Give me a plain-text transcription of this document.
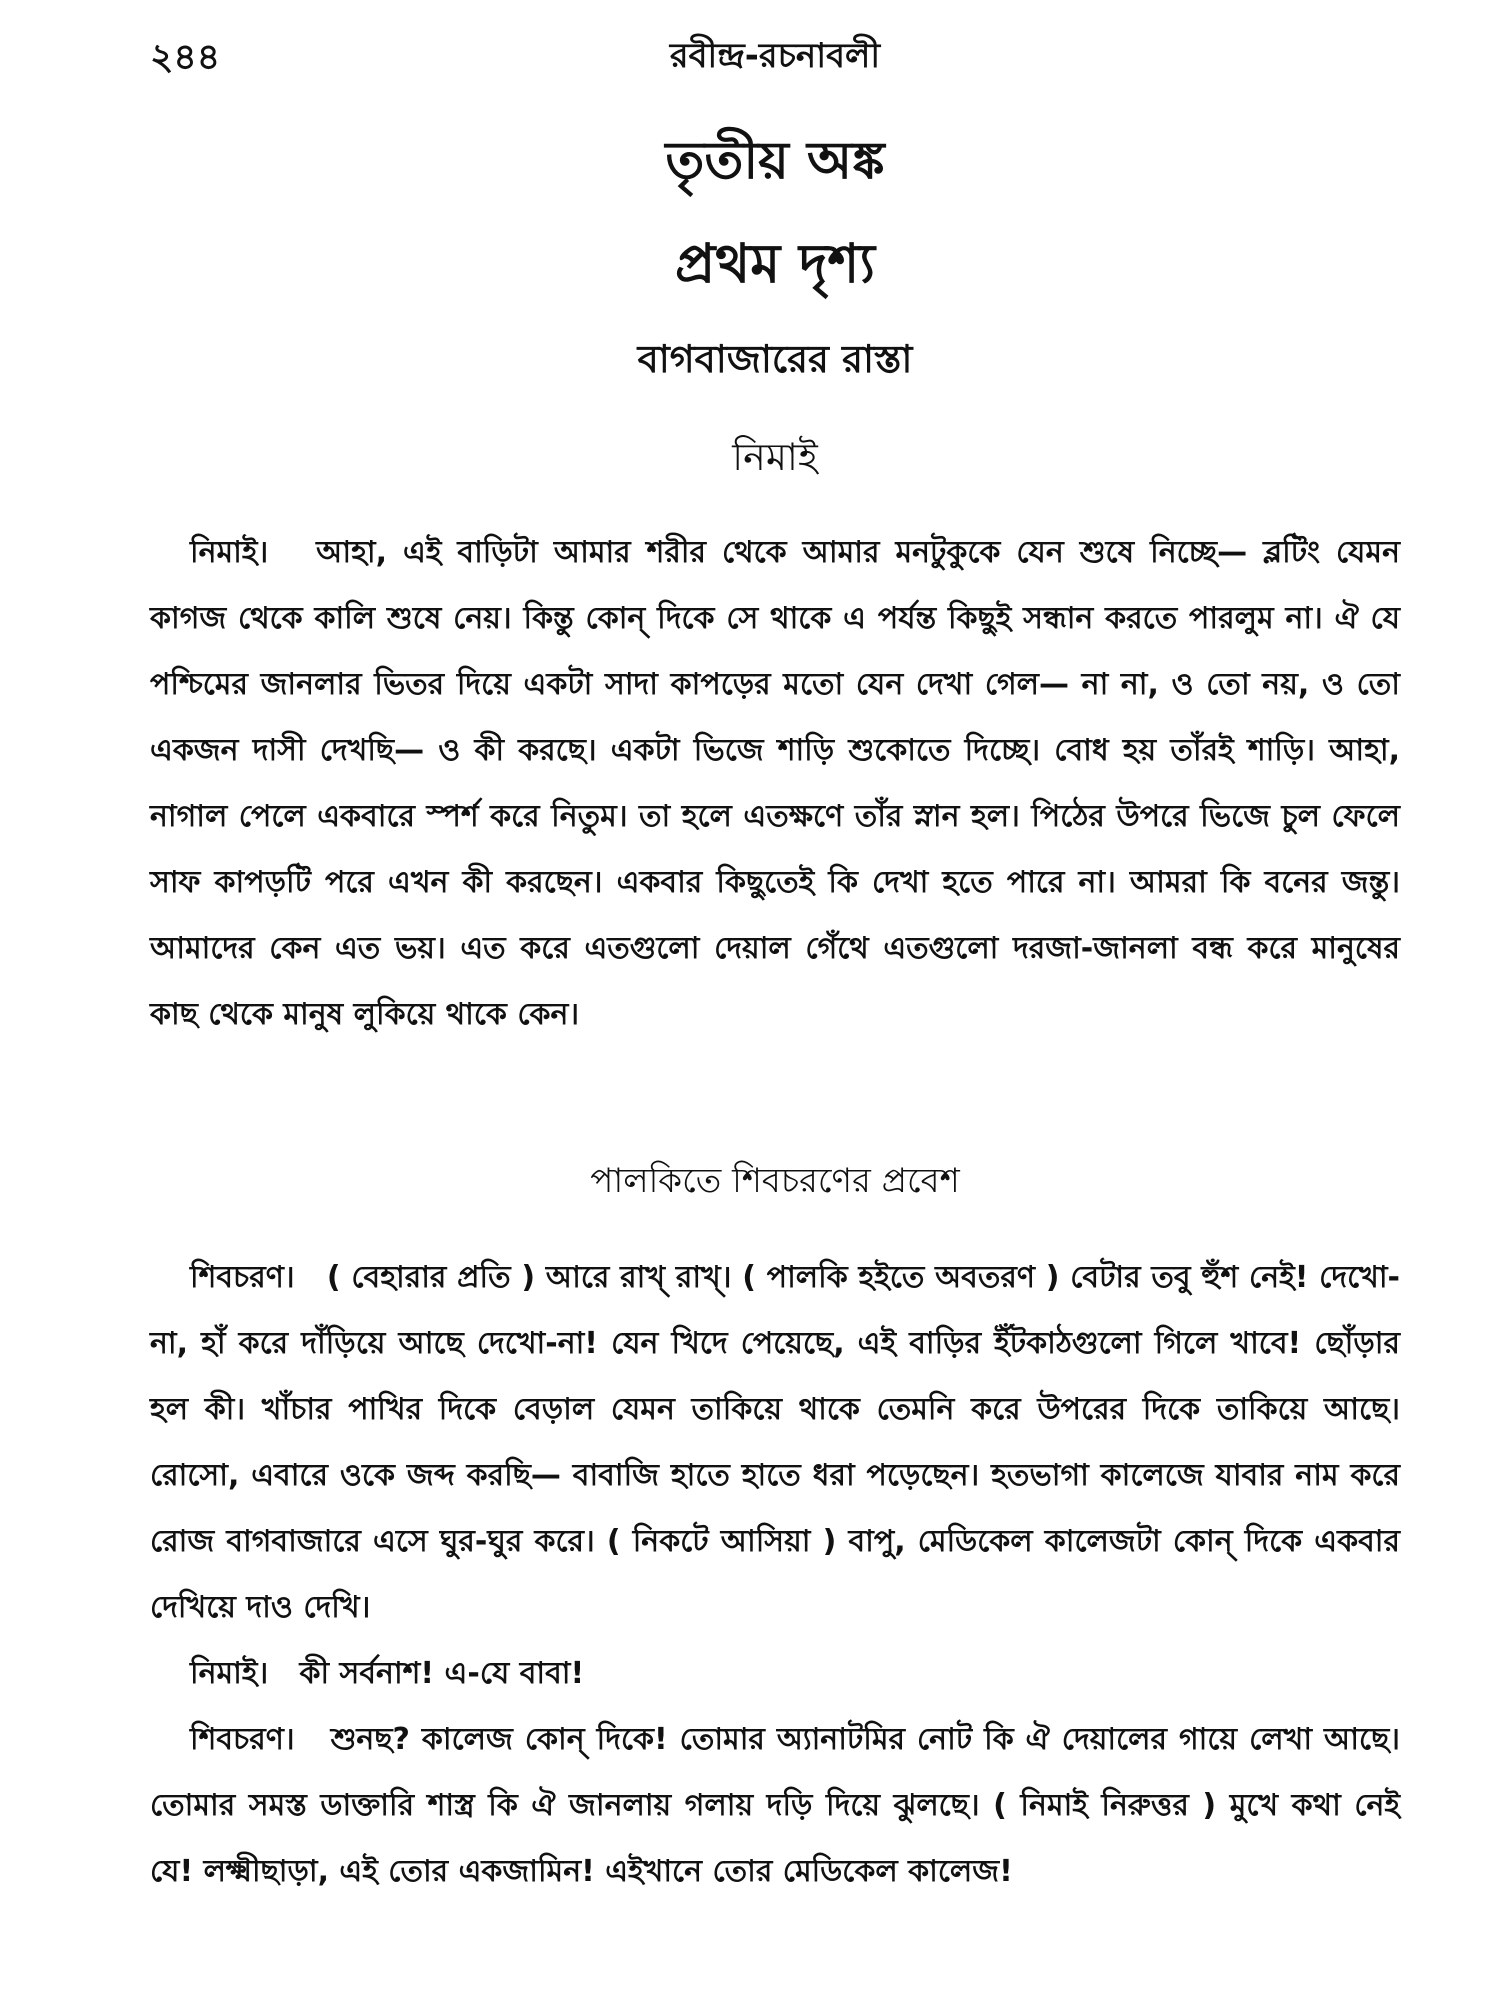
২৪৪	রবীন্দ্র-রচনাবলী
তৃতীয় অঙ্ক
প্রথম দৃশ্য
বাগবাজারের রাস্তা
নিমাই

নিমাই। আহা, এই বাড়িটা আমার শরীর থেকে আমার মনটুকুকে যেন শুষে নিচ্ছে— ব্লটিং যেমন কাগজ থেকে কালি শুষে নেয়। কিন্তু কোন্‌ দিকে সে থাকে এ পর্যন্ত কিছুই সন্ধান করতে পারলুম না। ঐ যে পশ্চিমের জানলার ভিতর দিয়ে একটা সাদা কাপড়ের মতো যেন দেখা গেল— না না, ও তো নয়, ও তো একজন দাসী দেখছি— ও কী করছে। একটা ভিজে শাড়ি শুকোতে দিচ্ছে। বোধ হয় তাঁরই শাড়ি। আহা, নাগাল পেলে একবারে স্পর্শ করে নিতুম। তা হলে এতক্ষণে তাঁর স্নান হল। পিঠের উপরে ভিজে চুল ফেলে সাফ কাপড়টি পরে এখন কী করছেন। একবার কিছুতেই কি দেখা হতে পারে না। আমরা কি বনের জন্তু। আমাদের কেন এত ভয়। এত করে এতগুলো দেয়াল গেঁথে এতগুলো দরজা-জানলা বন্ধ করে মানুষের কাছ থেকে মানুষ লুকিয়ে থাকে কেন।

পালকিতে শিবচরণের প্রবেশ

শিবচরণ। ( বেহারার প্রতি ) আরে রাখ্‌ রাখ্‌। ( পালকি হইতে অবতরণ ) বেটার তবু হুঁশ নেই! দেখো-না, হাঁ করে দাঁড়িয়ে আছে দেখো-না! যেন খিদে পেয়েছে, এই বাড়ির ইঁটকাঠগুলো গিলে খাবে! ছোঁড়ার হল কী। খাঁচার পাখির দিকে বেড়াল যেমন তাকিয়ে থাকে তেমনি করে উপরের দিকে তাকিয়ে আছে। রোসো, এবারে ওকে জব্দ করছি— বাবাজি হাতে হাতে ধরা পড়েছেন। হতভাগা কালেজে যাবার নাম করে রোজ বাগবাজারে এসে ঘুর-ঘুর করে। ( নিকটে আসিয়া ) বাপু, মেডিকেল কালেজটা কোন্‌ দিকে একবার দেখিয়ে দাও দেখি।

নিমাই। কী সর্বনাশ! এ-যে বাবা!

শিবচরণ। শুনছ? কালেজ কোন্‌ দিকে! তোমার অ্যানাটমির নোট কি ঐ দেয়ালের গায়ে লেখা আছে। তোমার সমস্ত ডাক্তারি শাস্ত্র কি ঐ জানলায় গলায় দড়ি দিয়ে ঝুলছে। ( নিমাই নিরুত্তর ) মুখে কথা নেই যে! লক্ষ্মীছাড়া, এই তোর একজামিন! এইখানে তোর মেডিকেল কালেজ!
